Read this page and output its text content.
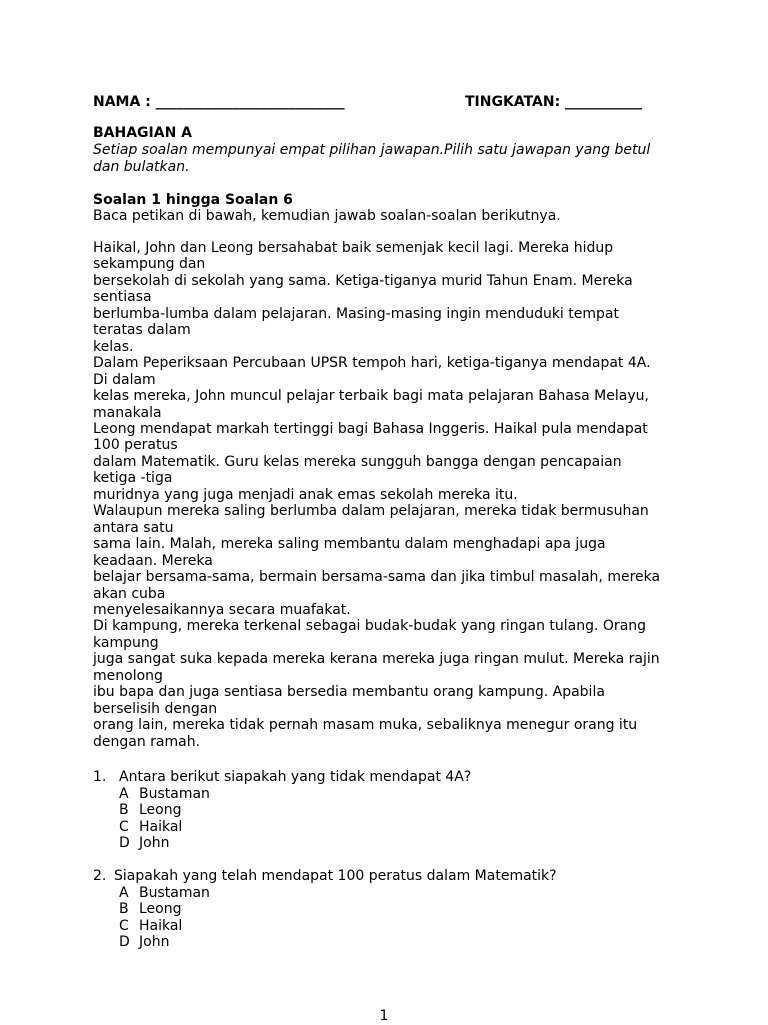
NAMA : ___________________________	TINGKATAN: ___________
BAHAGIAN A
Setiap soalan mempunyai empat pilihan jawapan.Pilih satu jawapan yang betul
dan bulatkan.
Soalan 1 hingga Soalan 6
Baca petikan di bawah, kemudian jawab soalan-soalan berikutnya.
Haikal, John dan Leong bersahabat baik semenjak kecil lagi. Mereka hidup
sekampung dan
bersekolah di sekolah yang sama. Ketiga-tiganya murid Tahun Enam. Mereka
sentiasa
berlumba-lumba dalam pelajaran. Masing-masing ingin menduduki tempat
teratas dalam
kelas.
Dalam Peperiksaan Percubaan UPSR tempoh hari, ketiga-tiganya mendapat 4A.
Di dalam
kelas mereka, John muncul pelajar terbaik bagi mata pelajaran Bahasa Melayu,
manakala
Leong mendapat markah tertinggi bagi Bahasa Inggeris. Haikal pula mendapat
100 peratus
dalam Matematik. Guru kelas mereka sungguh bangga dengan pencapaian
ketiga -tiga
muridnya yang juga menjadi anak emas sekolah mereka itu.
Walaupun mereka saling berlumba dalam pelajaran, mereka tidak bermusuhan
antara satu
sama lain. Malah, mereka saling membantu dalam menghadapi apa juga
keadaan. Mereka
belajar bersama-sama, bermain bersama-sama dan jika timbul masalah, mereka
akan cuba
menyelesaikannya secara muafakat.
Di kampung, mereka terkenal sebagai budak-budak yang ringan tulang. Orang
kampung
juga sangat suka kepada mereka kerana mereka juga ringan mulut. Mereka rajin
menolong
ibu bapa dan juga sentiasa bersedia membantu orang kampung. Apabila
berselisih dengan
orang lain, mereka tidak pernah masam muka, sebaliknya menegur orang itu
dengan ramah.
1. Antara berikut siapakah yang tidak mendapat 4A?
A Bustaman
B Leong
C Haikal
D John
2. Siapakah yang telah mendapat 100 peratus dalam Matematik?
A Bustaman
B Leong
C Haikal
D John
1
